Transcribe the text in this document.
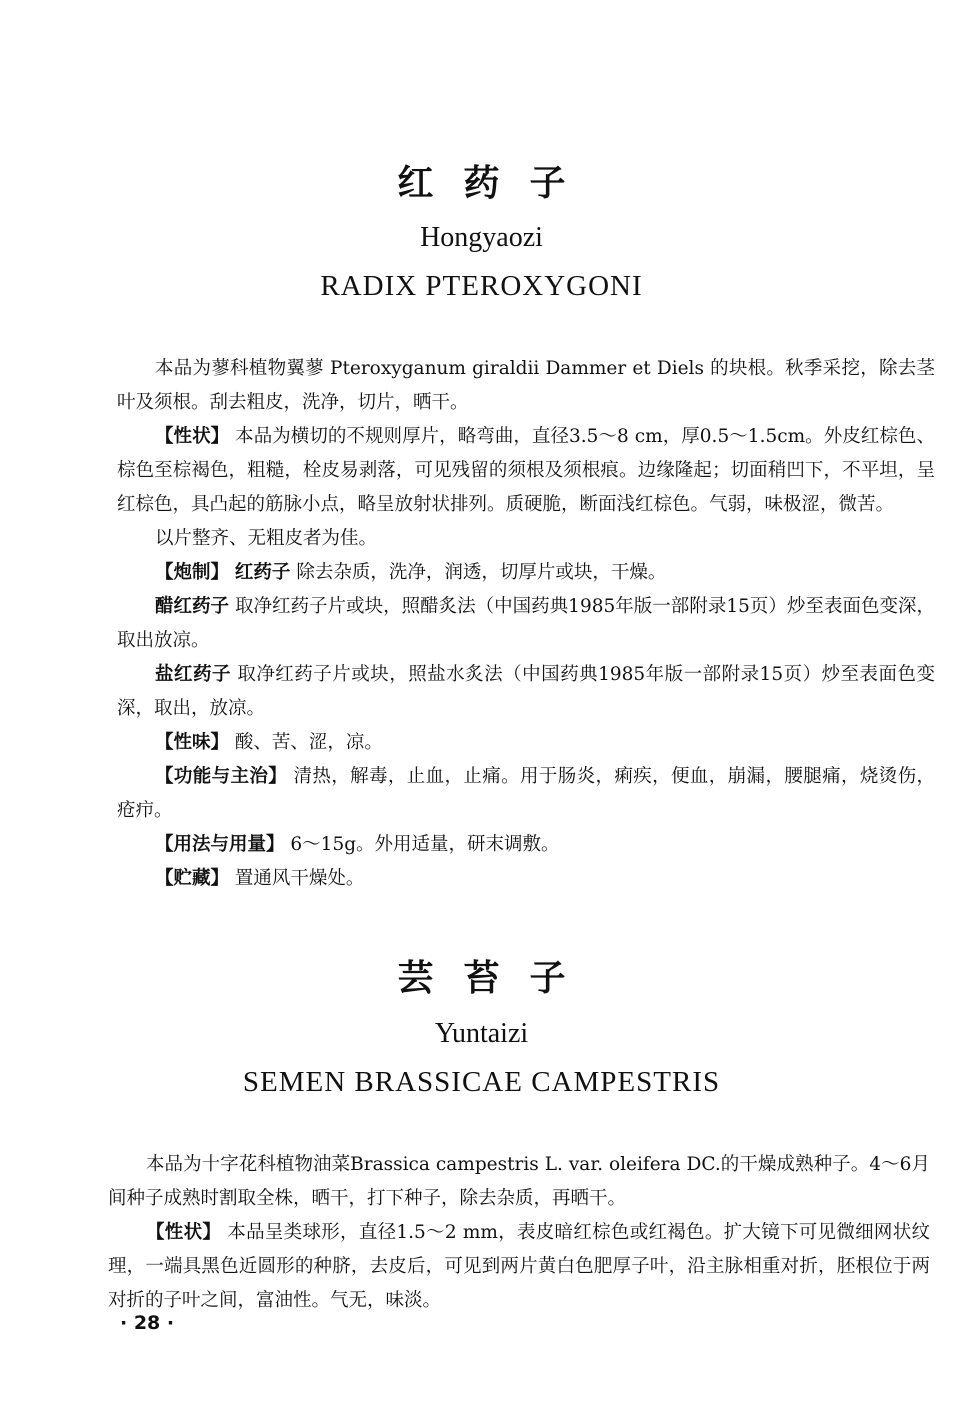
红药子
Hongyaozi
RADIX PTEROXYGONI

本品为蓼科植物翼蓼 Pteroxyganum giraldii Dammer et Diels 的块根。秋季采挖，除去茎叶及须根。刮去粗皮，洗净，切片，晒干。

【性状】 本品为横切的不规则厚片，略弯曲，直径3.5～8 cm，厚0.5～1.5cm。外皮红棕色、棕色至棕褐色，粗糙，栓皮易剥落，可见残留的须根及须根痕。边缘隆起；切面稍凹下，不平坦，呈红棕色，具凸起的筋脉小点，略呈放射状排列。质硬脆，断面浅红棕色。气弱，味极涩，微苦。

以片整齐、无粗皮者为佳。

【炮制】 红药子 除去杂质，洗净，润透，切厚片或块，干燥。

醋红药子 取净红药子片或块，照醋炙法（中国药典1985年版一部附录15页）炒至表面色变深，取出放凉。

盐红药子 取净红药子片或块，照盐水炙法（中国药典1985年版一部附录15页）炒至表面色变深，取出，放凉。

【性味】 酸、苦、涩，凉。

【功能与主治】 清热，解毒，止血，止痛。用于肠炎，痢疾，便血，崩漏，腰腿痛，烧烫伤，疮疖。

【用法与用量】 6～15g。外用适量，研末调敷。

【贮藏】 置通风干燥处。

芸苔子
Yuntaizi
SEMEN BRASSICAE CAMPESTRIS

本品为十字花科植物油菜Brassica campestris L. var. oleifera DC.的干燥成熟种子。4～6月间种子成熟时割取全株，晒干，打下种子，除去杂质，再晒干。

【性状】 本品呈类球形，直径1.5～2 mm，表皮暗红棕色或红褐色。扩大镜下可见微细网状纹理，一端具黑色近圆形的种脐，去皮后，可见到两片黄白色肥厚子叶，沿主脉相重对折，胚根位于两对折的子叶之间，富油性。气无，味淡。

· 28 ·
